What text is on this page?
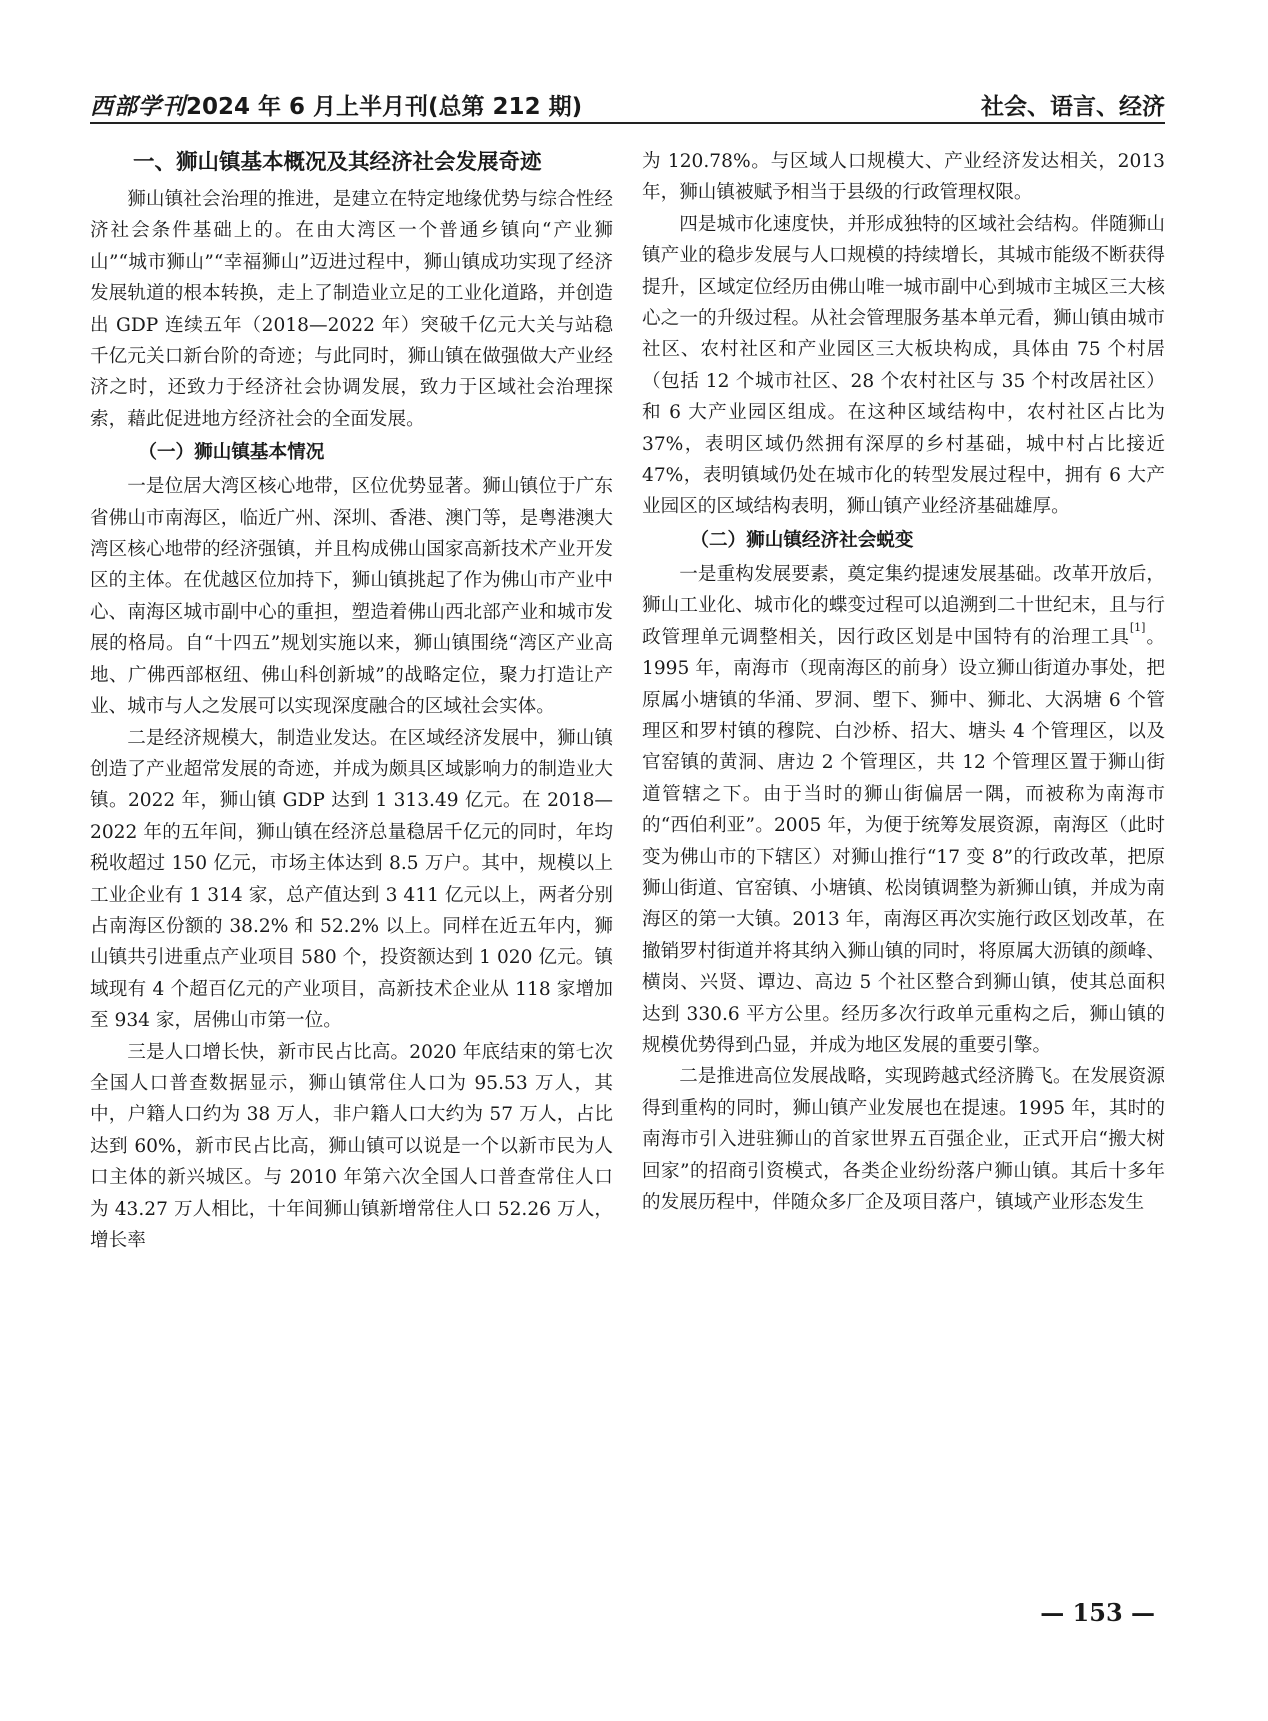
西部学刊2024 年 6 月上半月刊(总第 212 期)	社会、语言、经济
一、狮山镇基本概况及其经济社会发展奇迹

狮山镇社会治理的推进，是建立在特定地缘优势与综合性经济社会条件基础上的。在由大湾区一个普通乡镇向“产业狮山”“城市狮山”“幸福狮山”迈进过程中，狮山镇成功实现了经济发展轨道的根本转换，走上了制造业立足的工业化道路，并创造出 GDP 连续五年（2018—2022 年）突破千亿元大关与站稳千亿元关口新台阶的奇迹；与此同时，狮山镇在做强做大产业经济之时，还致力于经济社会协调发展，致力于区域社会治理探索，藉此促进地方经济社会的全面发展。

（一）狮山镇基本情况

一是位居大湾区核心地带，区位优势显著。狮山镇位于广东省佛山市南海区，临近广州、深圳、香港、澳门等，是粤港澳大湾区核心地带的经济强镇，并且构成佛山国家高新技术产业开发区的主体。在优越区位加持下，狮山镇挑起了作为佛山市产业中心、南海区城市副中心的重担，塑造着佛山西北部产业和城市发展的格局。自“十四五”规划实施以来，狮山镇围绕“湾区产业高地、广佛西部枢纽、佛山科创新城”的战略定位，聚力打造让产业、城市与人之发展可以实现深度融合的区域社会实体。

二是经济规模大，制造业发达。在区域经济发展中，狮山镇创造了产业超常发展的奇迹，并成为颇具区域影响力的制造业大镇。2022 年，狮山镇 GDP 达到 1 313.49 亿元。在 2018—2022 年的五年间，狮山镇在经济总量稳居千亿元的同时，年均税收超过 150 亿元，市场主体达到 8.5 万户。其中，规模以上工业企业有 1 314 家，总产值达到 3 411 亿元以上，两者分别占南海区份额的 38.2% 和 52.2% 以上。同样在近五年内，狮山镇共引进重点产业项目 580 个，投资额达到 1 020 亿元。镇域现有 4 个超百亿元的产业项目，高新技术企业从 118 家增加至 934 家，居佛山市第一位。

三是人口增长快，新市民占比高。2020 年底结束的第七次全国人口普查数据显示，狮山镇常住人口为 95.53 万人，其中，户籍人口约为 38 万人，非户籍人口大约为 57 万人，占比达到 60%，新市民占比高，狮山镇可以说是一个以新市民为人口主体的新兴城区。与 2010 年第六次全国人口普查常住人口为 43.27 万人相比，十年间狮山镇新增常住人口 52.26 万人，增长率

为 120.78%。与区域人口规模大、产业经济发达相关，2013 年，狮山镇被赋予相当于县级的行政管理权限。

四是城市化速度快，并形成独特的区域社会结构。伴随狮山镇产业的稳步发展与人口规模的持续增长，其城市能级不断获得提升，区域定位经历由佛山唯一城市副中心到城市主城区三大核心之一的升级过程。从社会管理服务基本单元看，狮山镇由城市社区、农村社区和产业园区三大板块构成，具体由 75 个村居（包括 12 个城市社区、28 个农村社区与 35 个村改居社区）和 6 大产业园区组成。在这种区域结构中，农村社区占比为 37%，表明区域仍然拥有深厚的乡村基础，城中村占比接近 47%，表明镇域仍处在城市化的转型发展过程中，拥有 6 大产业园区的区域结构表明，狮山镇产业经济基础雄厚。

（二）狮山镇经济社会蜕变

一是重构发展要素，奠定集约提速发展基础。改革开放后，狮山工业化、城市化的蝶变过程可以追溯到二十世纪末，且与行政管理单元调整相关，因行政区划是中国特有的治理工具[1]。1995 年，南海市（现南海区的前身）设立狮山街道办事处，把原属小塘镇的华涌、罗洞、塱下、狮中、狮北、大涡塘 6 个管理区和罗村镇的穆院、白沙桥、招大、塘头 4 个管理区，以及官窑镇的黄洞、唐边 2 个管理区，共 12 个管理区置于狮山街道管辖之下。由于当时的狮山街偏居一隅，而被称为南海市的“西伯利亚”。2005 年，为便于统筹发展资源，南海区（此时变为佛山市的下辖区）对狮山推行“17 变 8”的行政改革，把原狮山街道、官窑镇、小塘镇、松岗镇调整为新狮山镇，并成为南海区的第一大镇。2013 年，南海区再次实施行政区划改革，在撤销罗村街道并将其纳入狮山镇的同时，将原属大沥镇的颜峰、横岗、兴贤、谭边、高边 5 个社区整合到狮山镇，使其总面积达到 330.6 平方公里。经历多次行政单元重构之后，狮山镇的规模优势得到凸显，并成为地区发展的重要引擎。

二是推进高位发展战略，实现跨越式经济腾飞。在发展资源得到重构的同时，狮山镇产业发展也在提速。1995 年，其时的南海市引入进驻狮山的首家世界五百强企业，正式开启“搬大树回家”的招商引资模式，各类企业纷纷落户狮山镇。其后十多年的发展历程中，伴随众多厂企及项目落户，镇域产业形态发生

— 153 —
